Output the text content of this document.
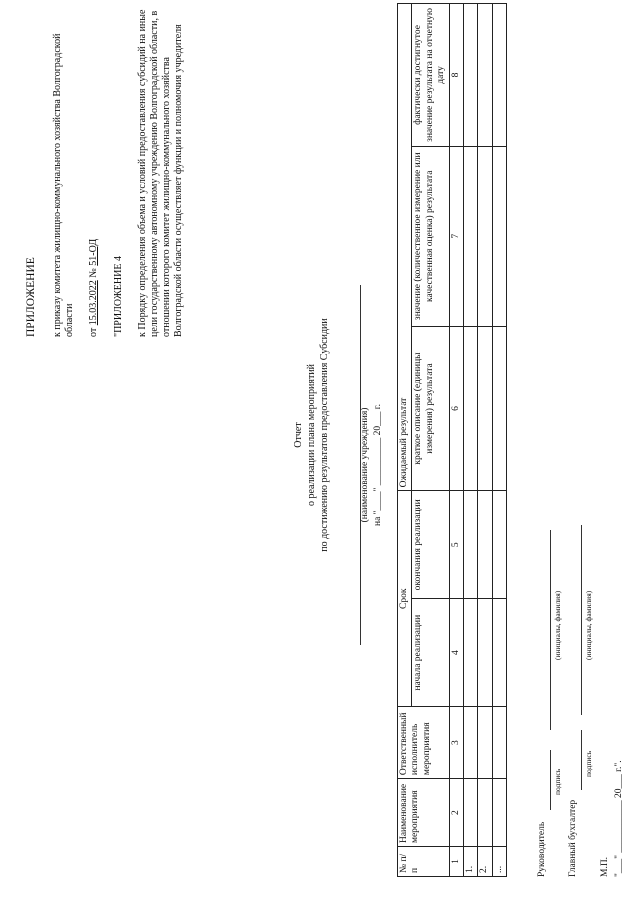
ПРИЛОЖЕНИЕ к приказу комитета жилищно-коммунального хозяйства Волгоградской области от 15.03.2022 № 51-ОД

"ПРИЛОЖЕНИЕ 4 к Порядку определения объема и условий предоставления субсидий на иные цели государственному автономному учреждению Волгоградской области, в отношении которого комитет жилищно-коммунального хозяйства Волгоградской области осуществляет функции и полномочия учредителя

Отчет о реализации плана мероприятий по достижению результатов предоставления Субсидии	(наименование учреждения) на "____" __________ 20___ г.
№ п/п	Наименование мероприятия	Ответственный исполнитель мероприятия	Срок		Ожидаемый результат		
			начала реализации	окончания реализации	краткое описание (единицы измерения) результата	значение (количественное измерение или качественная оценка) результата	фактически достигнутое значение результата на отчетную дату
1	2	3	4	5	6	7	8
1.							
2.							
...								Руководитель
подпись
(инициалы, фамилия)
Главный бухгалтер
подпись
(инициалы, фамилия)
М.П. "___" ___________ 20___ г.".
